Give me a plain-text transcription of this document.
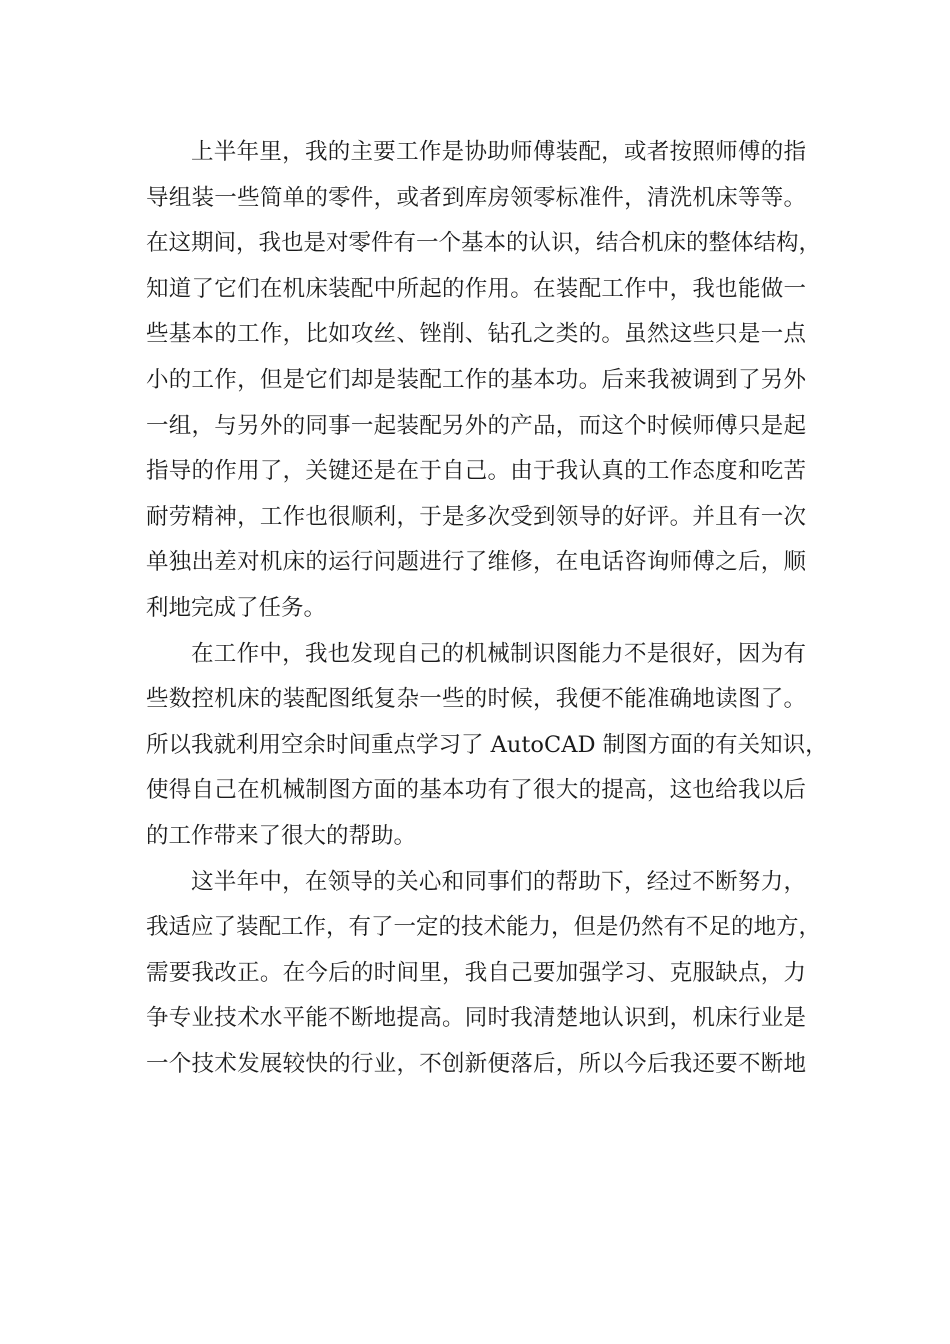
上半年里，我的主要工作是协助师傅装配，或者按照师傅的指
导组装一些简单的零件，或者到库房领零标准件，清洗机床等等。
在这期间，我也是对零件有一个基本的认识，结合机床的整体结构，
知道了它们在机床装配中所起的作用。在装配工作中，我也能做一
些基本的工作，比如攻丝、锉削、钻孔之类的。虽然这些只是一点
小的工作，但是它们却是装配工作的基本功。后来我被调到了另外
一组，与另外的同事一起装配另外的产品，而这个时候师傅只是起
指导的作用了，关键还是在于自己。由于我认真的工作态度和吃苦
耐劳精神，工作也很顺利，于是多次受到领导的好评。并且有一次
单独出差对机床的运行问题进行了维修，在电话咨询师傅之后，顺
利地完成了任务。
在工作中，我也发现自己的机械制识图能力不是很好，因为有
些数控机床的装配图纸复杂一些的时候，我便不能准确地读图了。
所以我就利用空余时间重点学习了 AutoCAD 制图方面的有关知识，
使得自己在机械制图方面的基本功有了很大的提高，这也给我以后
的工作带来了很大的帮助。
这半年中，在领导的关心和同事们的帮助下，经过不断努力，
我适应了装配工作，有了一定的技术能力，但是仍然有不足的地方，
需要我改正。在今后的时间里，我自己要加强学习、克服缺点，力
争专业技术水平能不断地提高。同时我清楚地认识到，机床行业是
一个技术发展较快的行业，不创新便落后，所以今后我还要不断地
